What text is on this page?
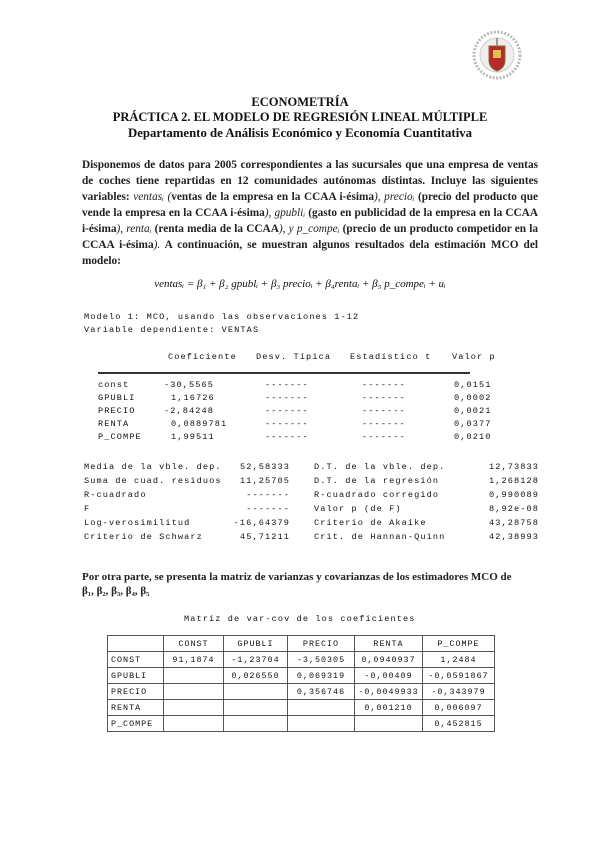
ECONOMETRÍA
PRÁCTICA 2. EL MODELO DE REGRESIÓN LINEAL MÚLTIPLE
Departamento de Análisis Económico y Economía Cuantitativa
Disponemos de datos para 2005 correspondientes a las sucursales que una empresa de ventas de coches tiene repartidas en 12 comunidades autónomas distintas. Incluye las siguientes variables: ventasᵢ (ventas de la empresa en la CCAA i-ésima), precioᵢ (precio del producto que vende la empresa en la CCAA i-ésima), gpubliᵢ (gasto en publicidad de la empresa en la CCAA i-ésima), rentaᵢ (renta media de la CCAA), y p_compeᵢ (precio de un producto competidor en la CCAA i-ésima). A continuación, se muestran algunos resultados dela estimación MCO del modelo:
ventasᵢ = β₁ + β₂ gpublᵢ + β₃ precioᵢ + β₄rentaᵢ + β₅ p_compeᵢ + uᵢ
Modelo 1: MCO, usando las observaciones 1-12
Variable dependiente: VENTAS
Coeficiente Desv. Típica Estadístico t Valor p
const	-30,5565	-------	-------	0,0151
GPUBLI	1,16726	-------	-------	0,0002
PRECIO	-2,84248	-------	-------	0,0021
RENTA	0,0889781	-------	-------	0,0377
P_COMPE	1,99511	-------	-------	0,0210
Media de la vble. dep. 52,58333	D.T. de la vble. dep.	12,73833
Suma de cuad. residuos 11,25705	D.T. de la regresión	1,268128
R-cuadrado	-------	R-cuadrado corregido	0,990089
F	-------	Valor p (de F)	8,92e-08
Log-verosimilitud	-16,64379	Criterio de Akaike	43,28758
Criterio de Schwarz	45,71211	Crit. de Hannan-Quinn	42,38993
Por otra parte, se presenta la matriz de varianzas y covarianzas de los estimadores MCO de
β₁, β₂, β₃, β₄, β₅
Matriz de var-cov de los coeficientes
	CONST	GPUBLI	PRECIO	RENTA	P_COMPE
CONST	91,1874	-1,23704	-3,50305	0,0940937	1,2484
GPUBLI		0,026550	0,069319	-0,00409	-0,0591867
PRECIO			0,356746	-0,0049933	-0,343979
RENTA				0,001210	0,006097
P_COMPE					0,452815
